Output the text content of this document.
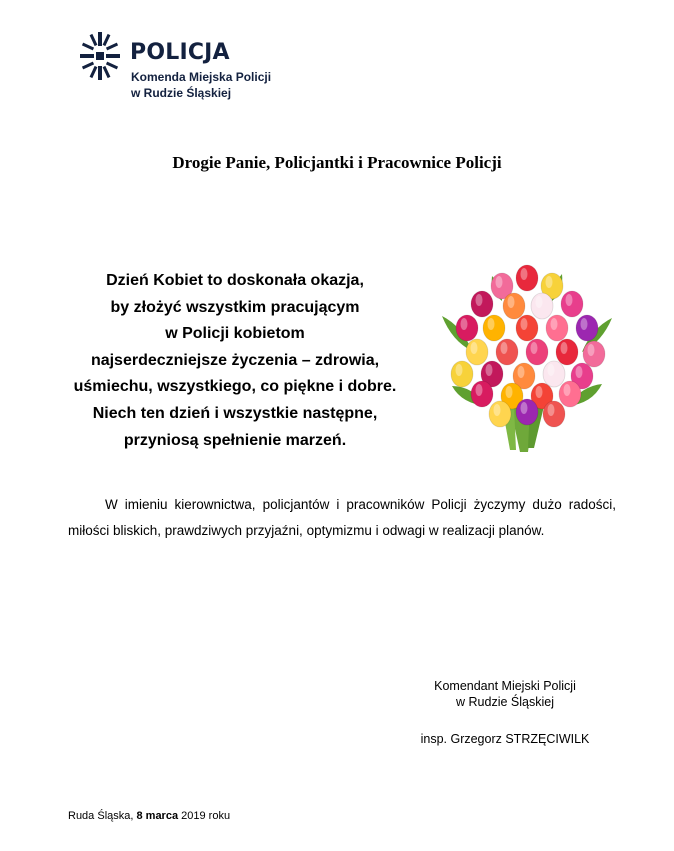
POLICJA
Komenda Miejska Policji
w Rudzie Śląskiej
Drogie Panie, Policjantki i Pracownice Policji
Dzień Kobiet to doskonała okazja,
by złożyć wszystkim pracującym
w Policji kobietom
najserdeczniejsze życzenia – zdrowia,
uśmiechu, wszystkiego, co piękne i dobre.
Niech ten dzień i wszystkie następne,
przyniosą spełnienie marzeń.
W imieniu kierownictwa, policjantów i pracowników Policji życzymy dużo radości, miłości bliskich, prawdziwych przyjaźni, optymizmu i odwagi w realizacji planów.
Komendant Miejski Policji
w Rudzie Śląskiej
insp. Grzegorz STRZĘCIWILK
Ruda Śląska, 8 marca 2019 roku
